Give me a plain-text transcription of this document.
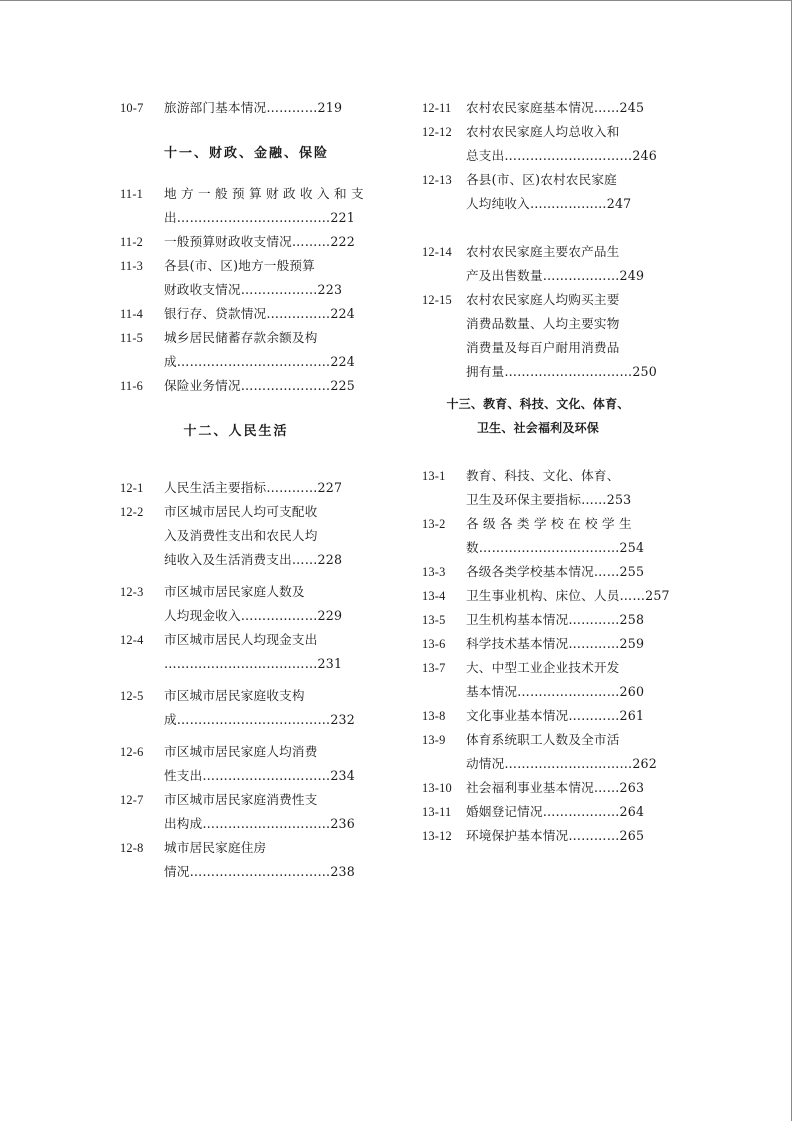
10-7 旅游部门基本情况…………219
十一、财政、金融、保险
11-1 地 方 一 般 预 算 财 政 收 入 和 支
出………………………………221
11-2 一般预算财政收支情况………222
11-3 各县(市、区)地方一般预算
财政收支情况………………223
11-4 银行存、贷款情况……………224
11-5 城乡居民储蓄存款余额及构
成………………………………224
11-6 保险业务情况…………………225
十二、人民生活
12-1 人民生活主要指标…………227
12-2 市区城市居民人均可支配收
入及消费性支出和农民人均
纯收入及生活消费支出……228
12-3 市区城市居民家庭人数及
人均现金收入………………229
12-4 市区城市居民人均现金支出
………………………………231
12-5 市区城市居民家庭收支构
成………………………………232
12-6 市区城市居民家庭人均消费
性支出…………………………234
12-7 市区城市居民家庭消费性支
出构成…………………………236
12-8 城市居民家庭住房
情况……………………………238
12-11 农村农民家庭基本情况……245
12-12 农村农民家庭人均总收入和
总支出…………………………246
12-13 各县(市、区)农村农民家庭
人均纯收入………………247
12-14 农村农民家庭主要农产品生
产及出售数量………………249
12-15 农村农民家庭人均购买主要
消费品数量、人均主要实物
消费量及每百户耐用消费品
拥有量…………………………250
十三、教育、科技、文化、体育、
卫生、社会福利及环保
13-1 教育、科技、文化、体育、
卫生及环保主要指标……253
13-2 各 级 各 类 学 校 在 校 学 生
数……………………………254
13-3 各级各类学校基本情况……255
13-4 卫生事业机构、床位、人员……257
13-5 卫生机构基本情况…………258
13-6 科学技术基本情况…………259
13-7 大、中型工业企业技术开发
基本情况……………………260
13-8 文化事业基本情况…………261
13-9 体育系统职工人数及全市活
动情况…………………………262
13-10 社会福利事业基本情况……263
13-11 婚姻登记情况………………264
13-12 环境保护基本情况…………265
